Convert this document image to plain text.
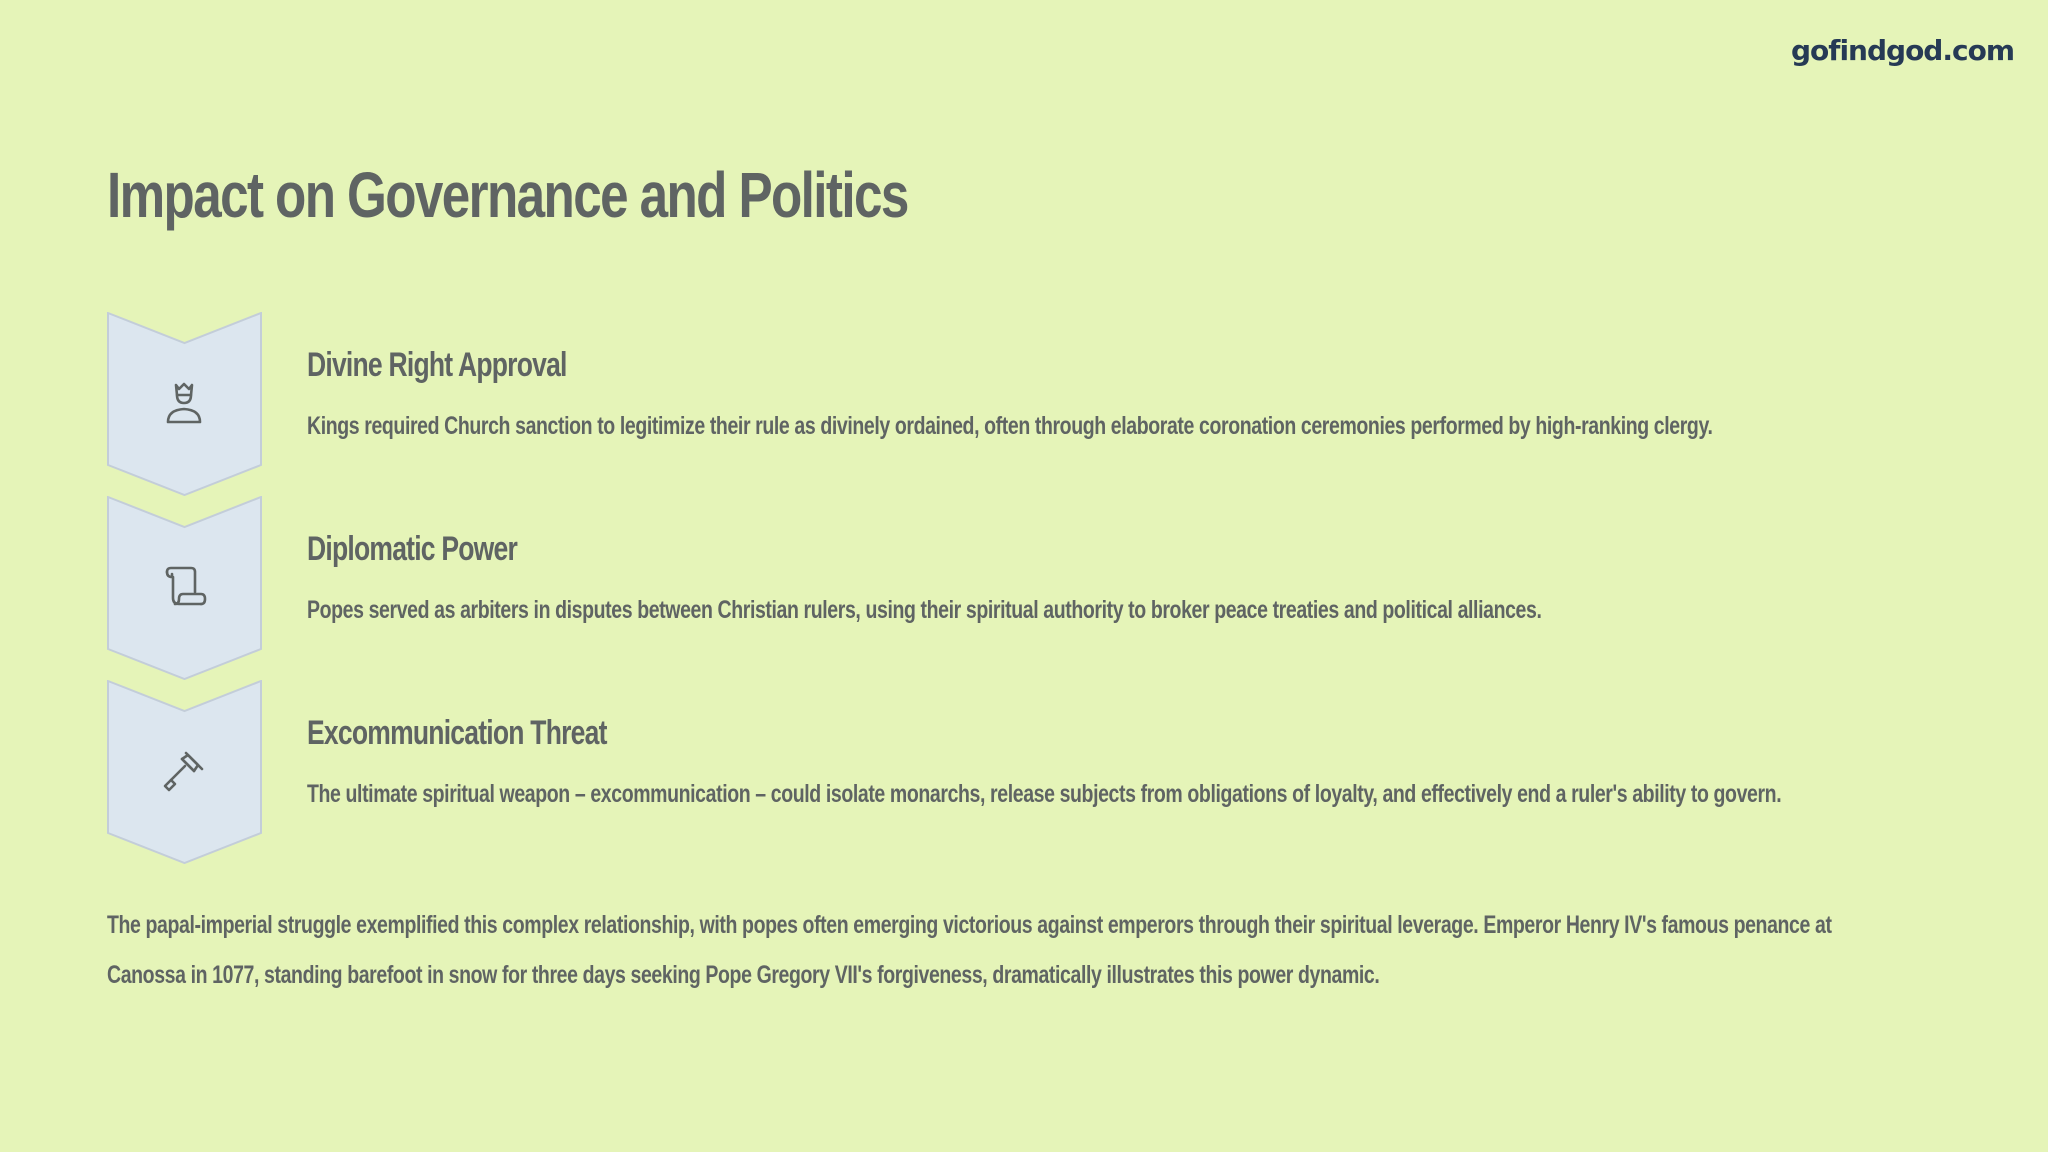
gofindgod.com
Impact on Governance and Politics
Divine Right Approval
Kings required Church sanction to legitimize their rule as divinely ordained, often through elaborate coronation ceremonies performed by high-ranking clergy.
Diplomatic Power
Popes served as arbiters in disputes between Christian rulers, using their spiritual authority to broker peace treaties and political alliances.
Excommunication Threat
The ultimate spiritual weapon – excommunication – could isolate monarchs, release subjects from obligations of loyalty, and effectively end a ruler's ability to govern.
The papal-imperial struggle exemplified this complex relationship, with popes often emerging victorious against emperors through their spiritual leverage. Emperor Henry IV's famous penance at Canossa in 1077, standing barefoot in snow for three days seeking Pope Gregory VII's forgiveness, dramatically illustrates this power dynamic.
